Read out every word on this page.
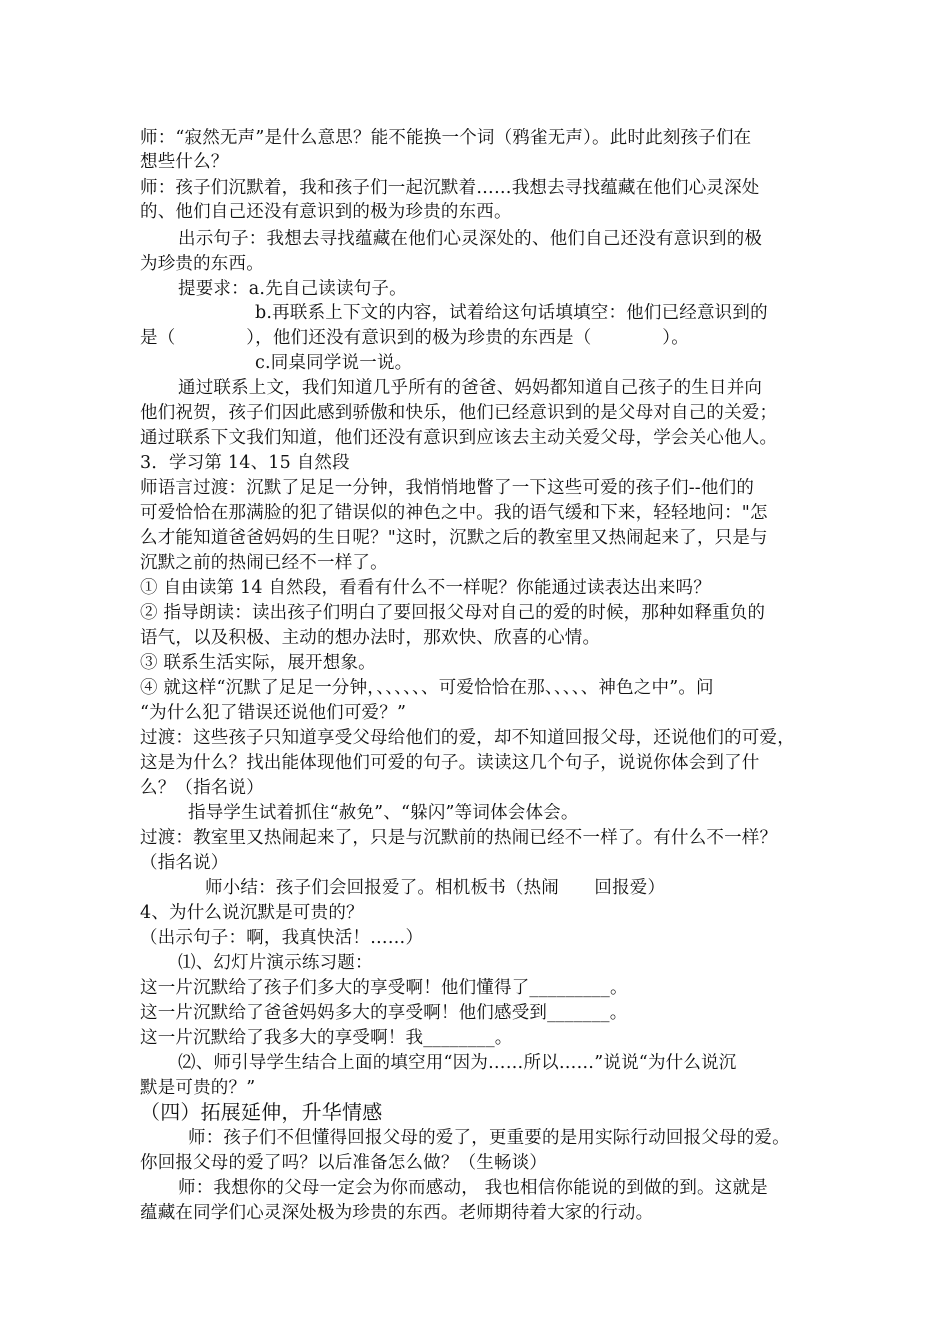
师：“寂然无声”是什么意思？能不能换一个词（鸦雀无声）。此时此刻孩子们在
想些什么？
师：孩子们沉默着，我和孩子们一起沉默着……我想去寻找蕴藏在他们心灵深处
的、他们自己还没有意识到的极为珍贵的东西。
出示句子：我想去寻找蕴藏在他们心灵深处的、他们自己还没有意识到的极
为珍贵的东西。
提要求：a.先自己读读句子。
b.再联系上下文的内容，试着给这句话填填空：他们已经意识到的
是（　　　　），他们还没有意识到的极为珍贵的东西是（　　　　）。
c.同桌同学说一说。
通过联系上文，我们知道几乎所有的爸爸、妈妈都知道自己孩子的生日并向
他们祝贺，孩子们因此感到骄傲和快乐，他们已经意识到的是父母对自己的关爱；
通过联系下文我们知道，他们还没有意识到应该去主动关爱父母，学会关心他人。
3．学习第 14、15 自然段
师语言过渡：沉默了足足一分钟，我悄悄地瞥了一下这些可爱的孩子们--他们的
可爱恰恰在那满脸的犯了错误似的神色之中。我的语气缓和下来，轻轻地问："怎
么才能知道爸爸妈妈的生日呢？"这时，沉默之后的教室里又热闹起来了，只是与
沉默之前的热闹已经不一样了。
① 自由读第 14 自然段，看看有什么不一样呢？你能通过读表达出来吗？
② 指导朗读：读出孩子们明白了要回报父母对自己的爱的时候，那种如释重负的
语气，以及积极、主动的想办法时，那欢快、欣喜的心情。
③ 联系生活实际，展开想象。
④ 就这样“沉默了足足一分钟，、、、、、、可爱恰恰在那、、、、、神色之中”。问
“为什么犯了错误还说他们可爱？”
过渡：这些孩子只知道享受父母给他们的爱，却不知道回报父母，还说他们的可爱，
这是为什么？找出能体现他们可爱的句子。读读这几个句子，说说你体会到了什
么？（指名说）
指导学生试着抓住“赦免”、“躲闪”等词体会体会。
过渡：教室里又热闹起来了，只是与沉默前的热闹已经不一样了。有什么不一样？
（指名说）
师小结：孩子们会回报爱了。相机板书（热闹　　回报爱）
4、为什么说沉默是可贵的？
（出示句子：啊，我真快活！……）
⑴、幻灯片演示练习题：
这一片沉默给了孩子们多大的享受啊！他们懂得了_________。
这一片沉默给了爸爸妈妈多大的享受啊！他们感受到_______。
这一片沉默给了我多大的享受啊！我________。
⑵、师引导学生结合上面的填空用“因为……所以……”说说“为什么说沉
默是可贵的？”
（四）拓展延伸，升华情感
师：孩子们不但懂得回报父母的爱了，更重要的是用实际行动回报父母的爱。
你回报父母的爱了吗？以后准备怎么做？（生畅谈）
师：我想你的父母一定会为你而感动， 我也相信你能说的到做的到。这就是
蕴藏在同学们心灵深处极为珍贵的东西。老师期待着大家的行动。
